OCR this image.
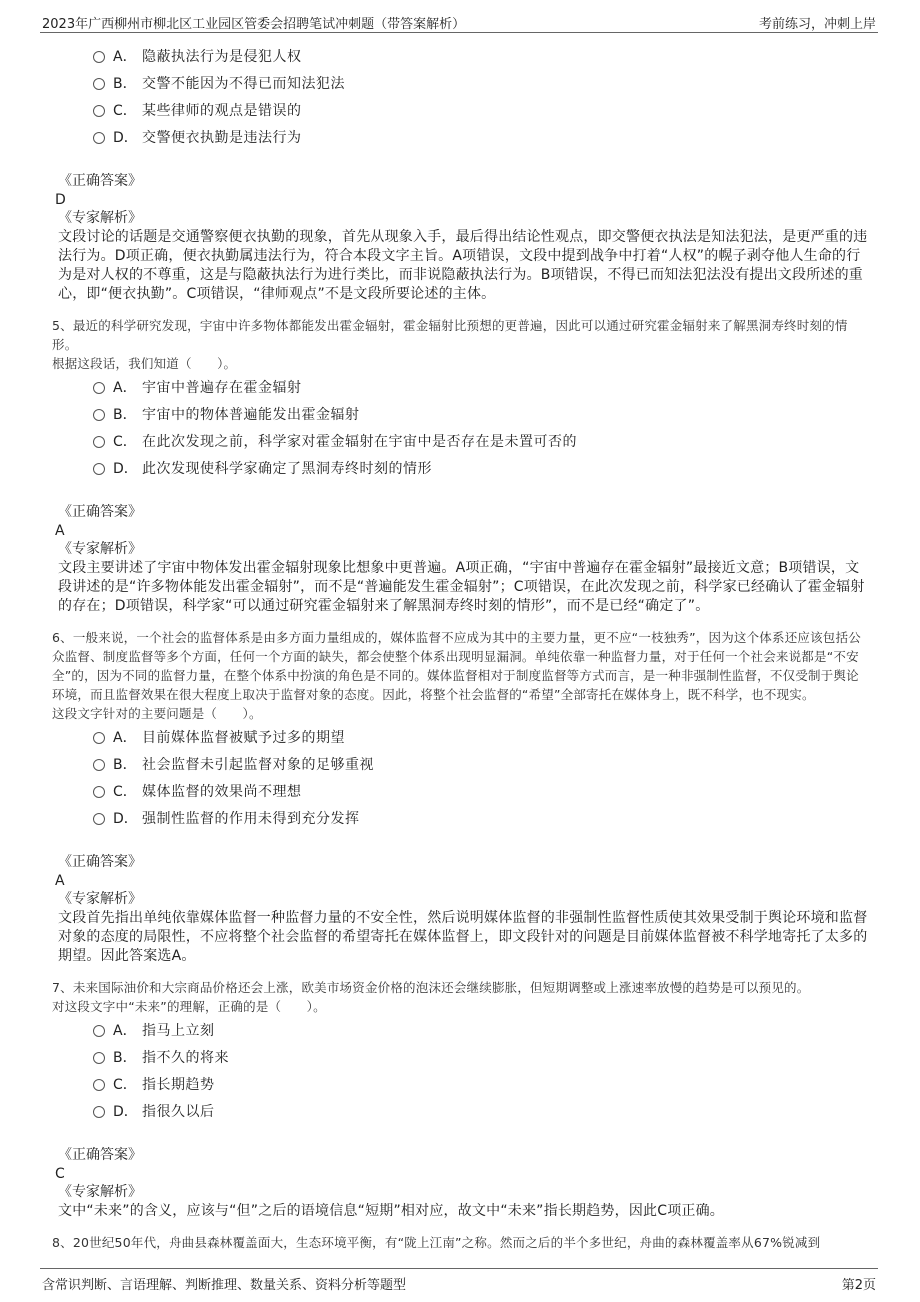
2023年广西柳州市柳北区工业园区管委会招聘笔试冲刺题（带答案解析）	考前练习，冲刺上岸
A． 隐蔽执法行为是侵犯人权
B． 交警不能因为不得已而知法犯法
C． 某些律师的观点是错误的
D． 交警便衣执勤是违法行为
《正确答案》
D
《专家解析》
文段讨论的话题是交通警察便衣执勤的现象，首先从现象入手，最后得出结论性观点，即交警便衣执法是知法犯法，是更严重的违法行为。D项正确，便衣执勤属违法行为，符合本段文字主旨。A项错误，文段中提到战争中打着“人权”的幌子剥夺他人生命的行为是对人权的不尊重，这是与隐蔽执法行为进行类比，而非说隐蔽执法行为。B项错误，不得已而知法犯法没有提出文段所述的重心，即“便衣执勤”。C项错误，“律师观点”不是文段所要论述的主体。
5、最近的科学研究发现，宇宙中许多物体都能发出霍金辐射，霍金辐射比预想的更普遍，因此可以通过研究霍金辐射来了解黑洞寿终时刻的情形。
根据这段话，我们知道（　　）。
A． 宇宙中普遍存在霍金辐射
B． 宇宙中的物体普遍能发出霍金辐射
C． 在此次发现之前，科学家对霍金辐射在宇宙中是否存在是未置可否的
D． 此次发现使科学家确定了黑洞寿终时刻的情形
《正确答案》
A
《专家解析》
文段主要讲述了宇宙中物体发出霍金辐射现象比想象中更普遍。A项正确，“宇宙中普遍存在霍金辐射”最接近文意；B项错误，文段讲述的是“许多物体能发出霍金辐射”，而不是“普遍能发生霍金辐射”；C项错误，在此次发现之前，科学家已经确认了霍金辐射的存在；D项错误，科学家“可以通过研究霍金辐射来了解黑洞寿终时刻的情形”，而不是已经“确定了”。
6、一般来说，一个社会的监督体系是由多方面力量组成的，媒体监督不应成为其中的主要力量，更不应“一枝独秀”，因为这个体系还应该包括公众监督、制度监督等多个方面，任何一个方面的缺失，都会使整个体系出现明显漏洞。单纯依靠一种监督力量，对于任何一个社会来说都是“不安全”的，因为不同的监督力量，在整个体系中扮演的角色是不同的。媒体监督相对于制度监督等方式而言，是一种非强制性监督，不仅受制于舆论环境，而且监督效果在很大程度上取决于监督对象的态度。因此，将整个社会监督的“希望”全部寄托在媒体身上，既不科学，也不现实。
这段文字针对的主要问题是（　　）。
A． 目前媒体监督被赋予过多的期望
B． 社会监督未引起监督对象的足够重视
C． 媒体监督的效果尚不理想
D． 强制性监督的作用未得到充分发挥
《正确答案》
A
《专家解析》
文段首先指出单纯依靠媒体监督一种监督力量的不安全性，然后说明媒体监督的非强制性监督性质使其效果受制于舆论环境和监督对象的态度的局限性，不应将整个社会监督的希望寄托在媒体监督上，即文段针对的问题是目前媒体监督被不科学地寄托了太多的期望。因此答案选A。
7、未来国际油价和大宗商品价格还会上涨，欧美市场资金价格的泡沫还会继续膨胀，但短期调整或上涨速率放慢的趋势是可以预见的。
对这段文字中“未来”的理解，正确的是（　　）。
A． 指马上立刻
B． 指不久的将来
C． 指长期趋势
D． 指很久以后
《正确答案》
C
《专家解析》
文中“未来”的含义，应该与“但”之后的语境信息“短期”相对应，故文中“未来”指长期趋势，因此C项正确。
8、20世纪50年代，舟曲县森林覆盖面大，生态环境平衡，有“陇上江南”之称。然而之后的半个多世纪，舟曲的森林覆盖率从67%锐减到
含常识判断、言语理解、判断推理、数量关系、资料分析等题型	第2页
